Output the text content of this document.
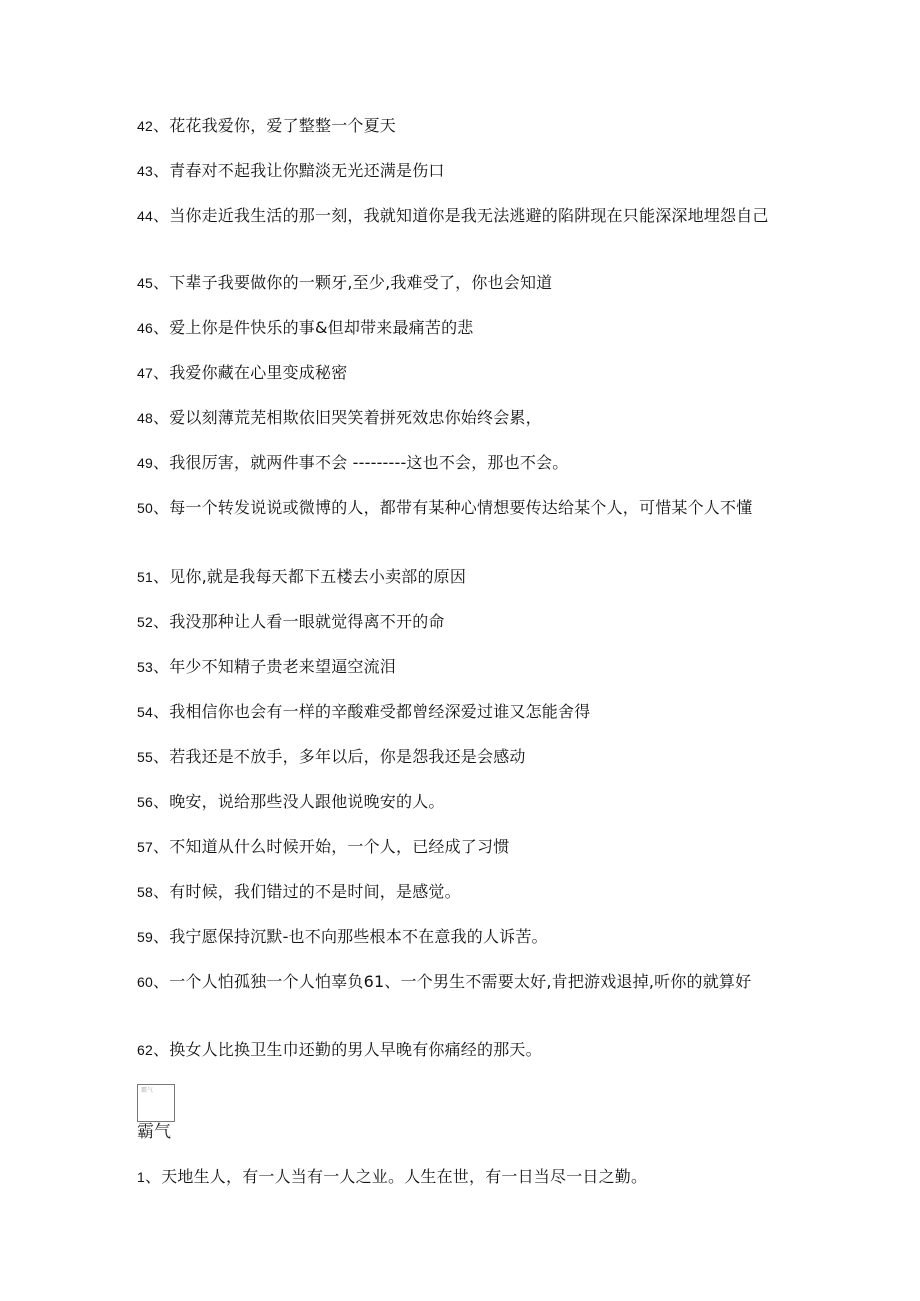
42、花花我爱你，爱了整整一个夏天
43、青春对不起我让你黯淡无光还满是伤口
44、当你走近我生活的那一刻，我就知道你是我无法逃避的陷阱现在只能深深地埋怨自己
45、下辈子我要做你的一颗牙,至少,我难受了，你也会知道
46、爱上你是件快乐的事&但却带来最痛苦的悲
47、我爱你藏在心里变成秘密
48、爱以刻薄荒芜相欺依旧哭笑着拼死效忠你始终会累，
49、我很厉害，就两件事不会 ---------这也不会，那也不会。
50、每一个转发说说或微博的人，都带有某种心情想要传达给某个人，可惜某个人不懂
51、见你,就是我每天都下五楼去小卖部的原因
52、我没那种让人看一眼就觉得离不开的命
53、年少不知精子贵老来望逼空流泪
54、我相信你也会有一样的辛酸难受都曾经深爱过谁又怎能舍得
55、若我还是不放手，多年以后，你是怨我还是会感动
56、晚安，说给那些没人跟他说晚安的人。
57、不知道从什么时候开始，一个人，已经成了习惯
58、有时候，我们错过的不是时间，是感觉。
59、我宁愿保持沉默-也不向那些根本不在意我的人诉苦。
60、一个人怕孤独一个人怕辜负61、一个男生不需要太好,肯把游戏退掉,听你的就算好
62、换女人比换卫生巾还勤的男人早晚有你痛经的那天。
霸气
霸气
1、天地生人，有一人当有一人之业。人生在世，有一日当尽一日之勤。
